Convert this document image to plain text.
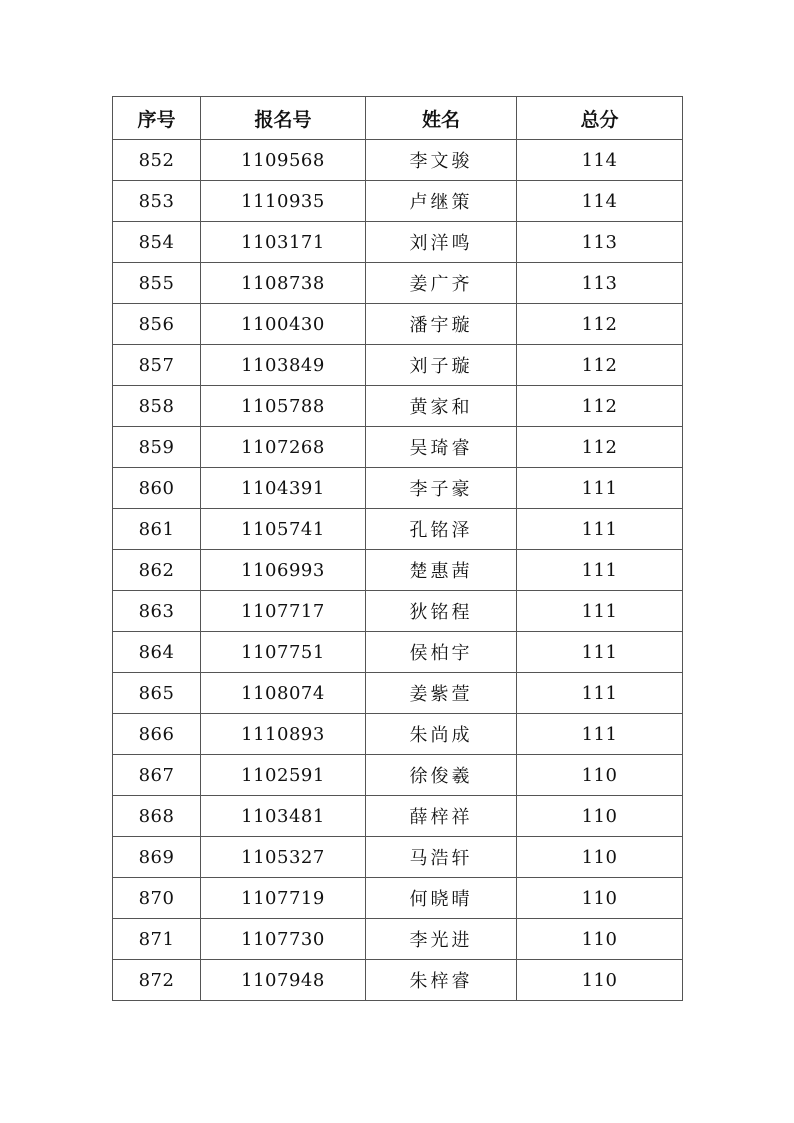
序号	报名号	姓名	总分
852	1109568	李文骏	114
853	1110935	卢继策	114
854	1103171	刘洋鸣	113
855	1108738	姜广齐	113
856	1100430	潘宇璇	112
857	1103849	刘子璇	112
858	1105788	黄家和	112
859	1107268	吴琦睿	112
860	1104391	李子豪	111
861	1105741	孔铭泽	111
862	1106993	楚惠茜	111
863	1107717	狄铭程	111
864	1107751	侯柏宇	111
865	1108074	姜紫萱	111
866	1110893	朱尚成	111
867	1102591	徐俊羲	110
868	1103481	薛梓祥	110
869	1105327	马浩轩	110
870	1107719	何晓晴	110
871	1107730	李光进	110
872	1107948	朱梓睿	110
